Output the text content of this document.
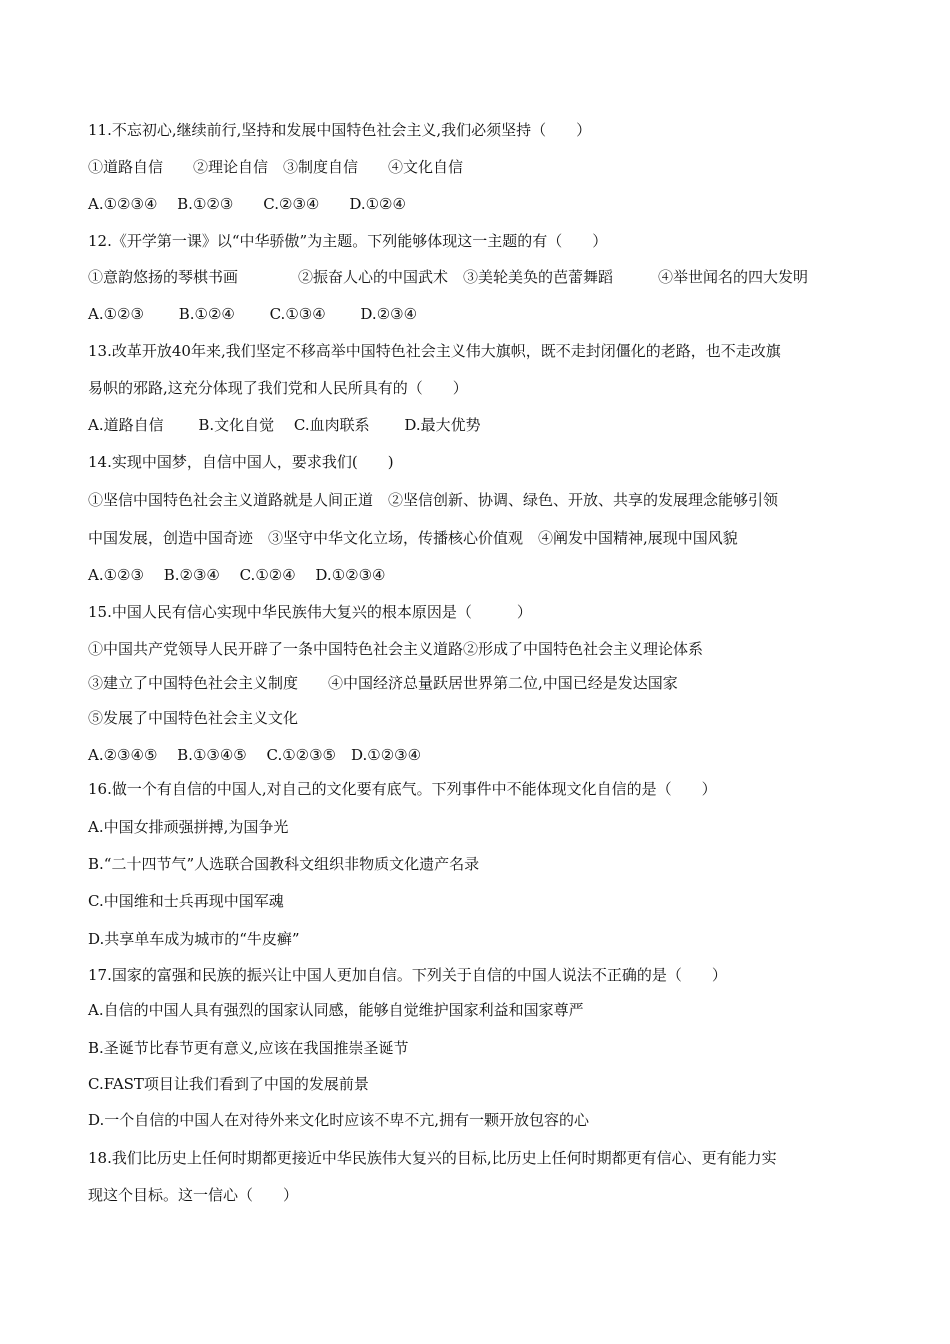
11.不忘初心,继续前行,坚持和发展中国特色社会主义,我们必须坚持（　　）
①道路自信　　②理论自信　③制度自信　　④文化自信
A.①②③④　 B.①②③　　C.②③④　　D.①②④
12.《开学第一课》以“中华骄傲”为主题。下列能够体现这一主题的有（　　）
①意韵悠扬的琴棋书画　　　　②振奋人心的中国武术　③美轮美奂的芭蕾舞蹈　　　④举世闻名的四大发明
A.①②③　　 B.①②④　　 C.①③④　　 D.②③④
13.改革开放40年来,我们坚定不移高举中国特色社会主义伟大旗帜，既不走封闭僵化的老路，也不走改旗
易帜的邪路,这充分体现了我们党和人民所具有的（　　）
A.道路自信　　 B.文化自觉　 C.血肉联系　　 D.最大优势
14.实现中国梦，自信中国人，要求我们(　　)
①坚信中国特色社会主义道路就是人间正道　②坚信创新、协调、绿色、开放、共享的发展理念能够引领
中国发展，创造中国奇迹　③坚守中华文化立场，传播核心价值观　④阐发中国精神,展现中国风貌
A.①②③　 B.②③④　 C.①②④　 D.①②③④
15.中国人民有信心实现中华民族伟大复兴的根本原因是（　　　）
①中国共产党领导人民开辟了一条中国特色社会主义道路②形成了中国特色社会主义理论体系
③建立了中国特色社会主义制度　　④中国经济总量跃居世界第二位,中国已经是发达国家
⑤发展了中国特色社会主义文化
A.②③④⑤　 B.①③④⑤　 C.①②③⑤　D.①②③④
16.做一个有自信的中国人,对自己的文化要有底气。下列事件中不能体现文化自信的是（　　）
A.中国女排顽强拼搏,为国争光
B.“二十四节气”人选联合国教科文组织非物质文化遗产名录
C.中国维和士兵再现中国军魂
D.共享单车成为城市的“牛皮癣”
17.国家的富强和民族的振兴让中国人更加自信。下列关于自信的中国人说法不正确的是（　　）
A.自信的中国人具有强烈的国家认同感，能够自觉维护国家利益和国家尊严
B.圣诞节比春节更有意义,应该在我国推崇圣诞节
C.FAST项目让我们看到了中国的发展前景
D.一个自信的中国人在对待外来文化时应该不卑不亢,拥有一颗开放包容的心
18.我们比历史上任何时期都更接近中华民族伟大复兴的目标,比历史上任何时期都更有信心、更有能力实
现这个目标。这一信心（　　）
